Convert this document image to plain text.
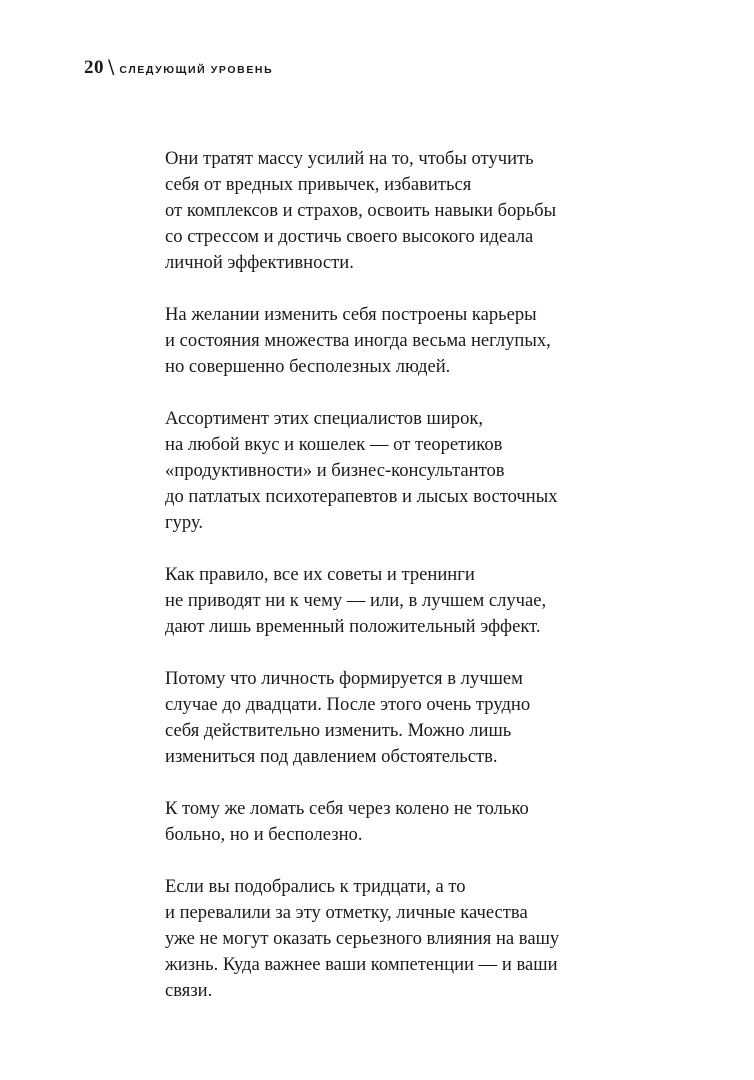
20 \ СЛЕДУЮЩИЙ УРОВЕНЬ

Они тратят массу усилий на то, чтобы отучить
себя от вредных привычек, избавиться
от комплексов и страхов, освоить навыки борьбы
со стрессом и достичь своего высокого идеала
личной эффективности.

На желании изменить себя построены карьеры
и состояния множества иногда весьма неглупых,
но совершенно бесполезных людей.

Ассортимент этих специалистов широк,
на любой вкус и кошелек — от теоретиков
«продуктивности» и бизнес-консультантов
до патлатых психотерапевтов и лысых восточных
гуру.

Как правило, все их советы и тренинги
не приводят ни к чему — или, в лучшем случае,
дают лишь временный положительный эффект.

Потому что личность формируется в лучшем
случае до двадцати. После этого очень трудно
себя действительно изменить. Можно лишь
измениться под давлением обстоятельств.

К тому же ломать себя через колено не только
больно, но и бесполезно.

Если вы подобрались к тридцати, а то
и перевалили за эту отметку, личные качества
уже не могут оказать серьезного влияния на вашу
жизнь. Куда важнее ваши компетенции — и ваши
связи.
